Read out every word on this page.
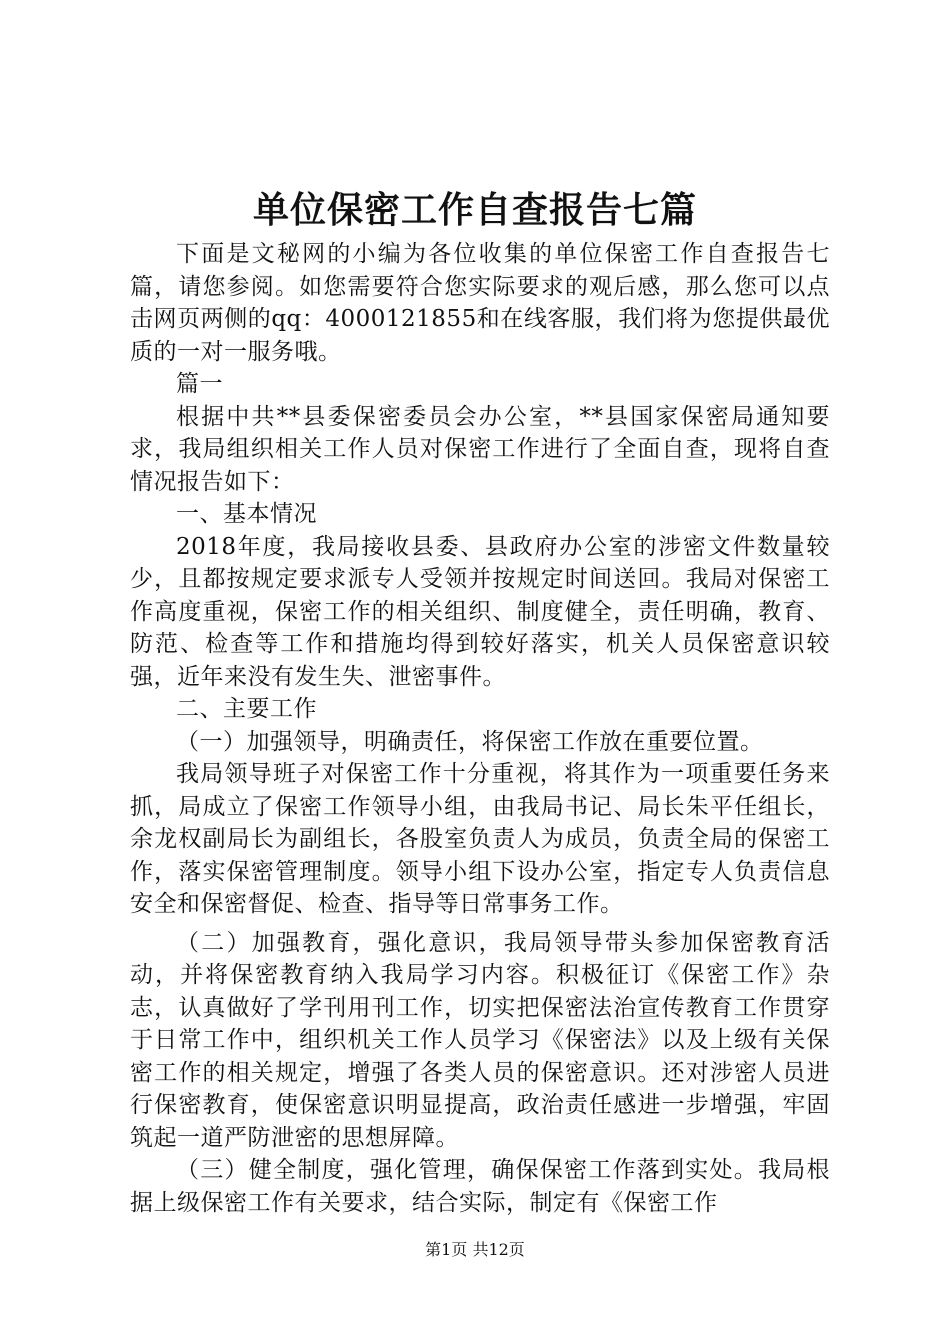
单位保密工作自查报告七篇

下面是文秘网的小编为各位收集的单位保密工作自查报告七篇，请您参阅。如您需要符合您实际要求的观后感，那么您可以点击网页两侧的qq：4000121855和在线客服，我们将为您提供最优质的一对一服务哦。

篇一

根据中共**县委保密委员会办公室，**县国家保密局通知要求，我局组织相关工作人员对保密工作进行了全面自查，现将自查情况报告如下：

一、基本情况

2018年度，我局接收县委、县政府办公室的涉密文件数量较少，且都按规定要求派专人受领并按规定时间送回。我局对保密工作高度重视，保密工作的相关组织、制度健全，责任明确，教育、防范、检查等工作和措施均得到较好落实，机关人员保密意识较强，近年来没有发生失、泄密事件。

二、主要工作

（一）加强领导，明确责任，将保密工作放在重要位置。

我局领导班子对保密工作十分重视，将其作为一项重要任务来抓，局成立了保密工作领导小组，由我局书记、局长朱平任组长，余龙权副局长为副组长，各股室负责人为成员，负责全局的保密工作，落实保密管理制度。领导小组下设办公室，指定专人负责信息安全和保密督促、检查、指导等日常事务工作。

（二）加强教育，强化意识，我局领导带头参加保密教育活动，并将保密教育纳入我局学习内容。积极征订《保密工作》杂志，认真做好了学刊用刊工作，切实把保密法治宣传教育工作贯穿于日常工作中，组织机关工作人员学习《保密法》以及上级有关保密工作的相关规定，增强了各类人员的保密意识。还对涉密人员进行保密教育，使保密意识明显提高，政治责任感进一步增强，牢固筑起一道严防泄密的思想屏障。

（三）健全制度，强化管理，确保保密工作落到实处。我局根据上级保密工作有关要求，结合实际，制定有《保密工作

第1页 共12页
